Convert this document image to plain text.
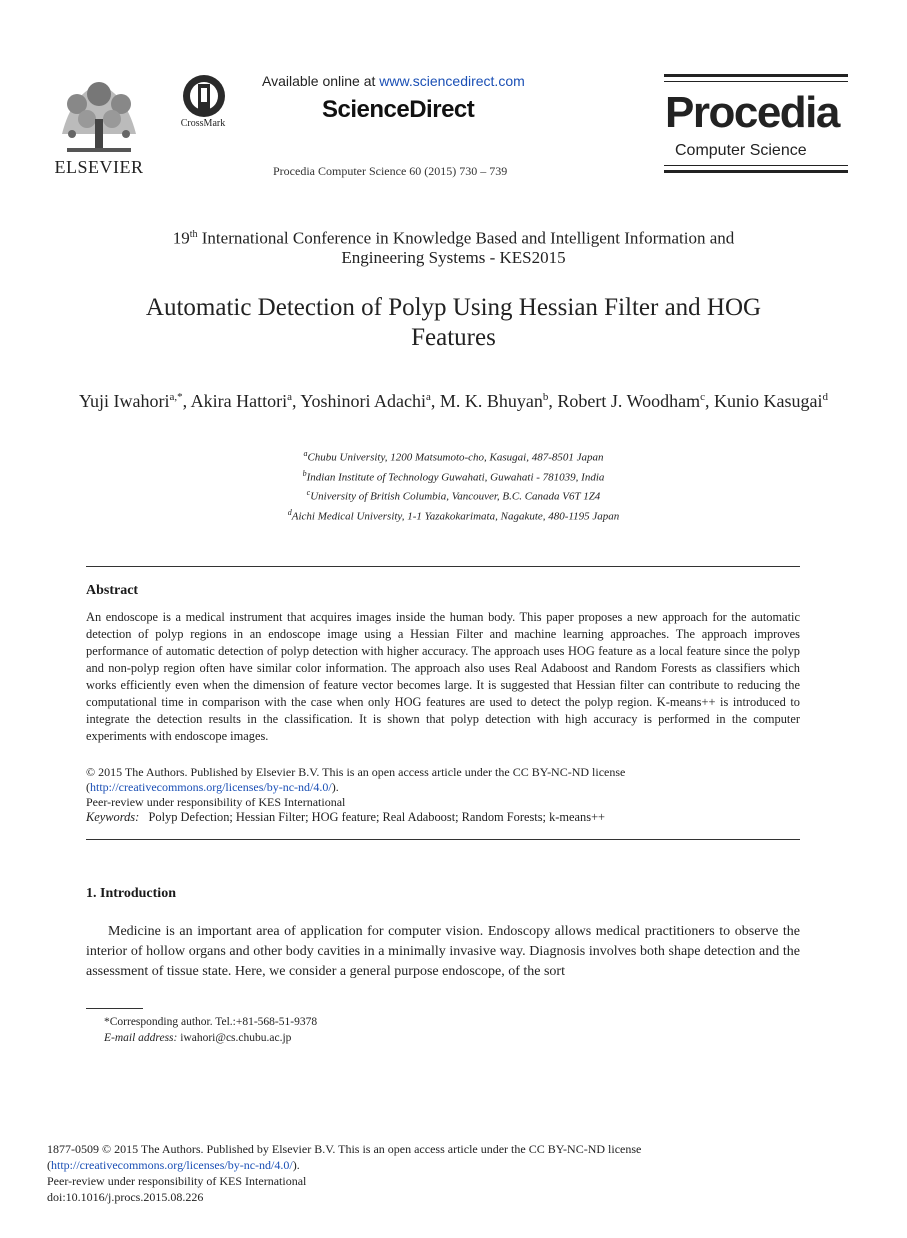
ELSEVIER
CrossMark
Available online at www.sciencedirect.com
ScienceDirect
Procedia Computer Science 60 (2015) 730 – 739
Procedia
Computer Science
19th International Conference in Knowledge Based and Intelligent Information and
Engineering Systems - KES2015
Automatic Detection of Polyp Using Hessian Filter and HOG
Features
Yuji Iwahori$^{a,*}$, Akira Hattori$^a$, Yoshinori Adachi$^a$, M. K. Bhuyan$^b$, Robert J. Woodham$^c$, Kunio Kasugai$^d$
$^a$Chubu University, 1200 Matsumoto-cho, Kasugai, 487-8501 Japan
$^b$Indian Institute of Technology Guwahati, Guwahati - 781039, India
$^c$University of British Columbia, Vancouver, B.C. Canada V6T 1Z4
$^d$Aichi Medical University, 1-1 Yazakokarimata, Nagakute, 480-1195 Japan
Abstract
An endoscope is a medical instrument that acquires images inside the human body. This paper proposes a new approach for the automatic detection of polyp regions in an endoscope image using a Hessian Filter and machine learning approaches. The approach improves performance of automatic detection of polyp detection with higher accuracy. The approach uses HOG feature as a local feature since the polyp and non-polyp region often have similar color information. The approach also uses Real Adaboost and Random Forests as classifiers which works efficiently even when the dimension of feature vector becomes large. It is suggested that Hessian filter can contribute to reducing the computational time in comparison with the case when only HOG features are used to detect the polyp region. K-means++ is introduced to integrate the detection results in the classification. It is shown that polyp detection with high accuracy is performed in the computer experiments with endoscope images.
© 2015 The Authors. Published by Elsevier B.V. This is an open access article under the CC BY-NC-ND license
(http://creativecommons.org/licenses/by-nc-nd/4.0/).
Peer-review under responsibility of KES International
Keywords: Polyp Defection; Hessian Filter; HOG feature; Real Adaboost; Random Forests; k-means++
1. Introduction
Medicine is an important area of application for computer vision. Endoscopy allows medical practitioners to observe the interior of hollow organs and other body cavities in a minimally invasive way. Diagnosis involves both shape detection and the assessment of tissue state. Here, we consider a general purpose endoscope, of the sort
*Corresponding author. Tel.:+81-568-51-9378
E-mail address: iwahori@cs.chubu.ac.jp
1877-0509 © 2015 The Authors. Published by Elsevier B.V. This is an open access article under the CC BY-NC-ND license
(http://creativecommons.org/licenses/by-nc-nd/4.0/).
Peer-review under responsibility of KES International
doi:10.1016/j.procs.2015.08.226
